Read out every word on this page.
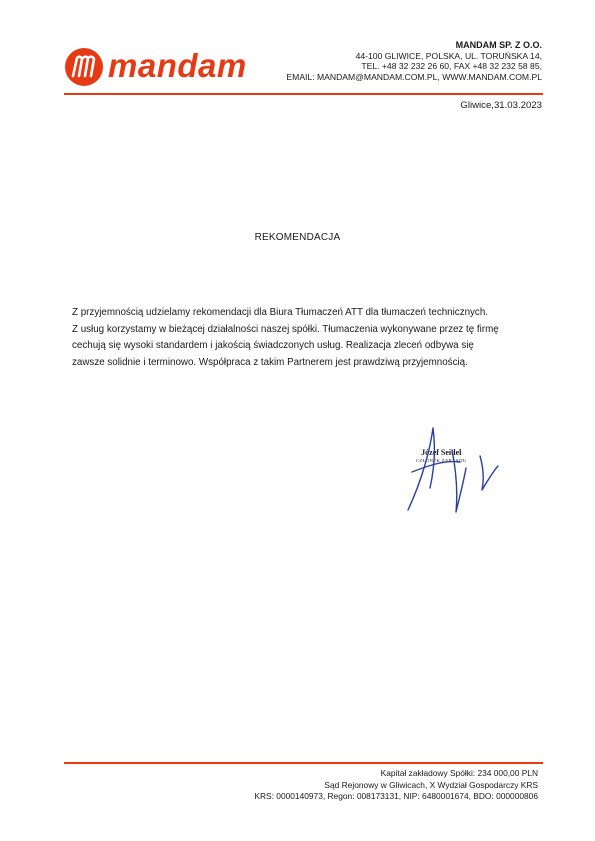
mandam
MANDAM SP. Z O.O.
44-100 GLIWICE, POLSKA, UL. TORUŃSKA 14,
TEL. +48 32 232 26 60, FAX +48 32 232 58 85,
EMAIL: MANDAM@MANDAM.COM.PL, WWW.MANDAM.COM.PL
Gliwice,31.03.2023
REKOMENDACJA

Z przyjemnością udzielamy rekomendacji dla Biura Tłumaczeń ATT dla tłumaczeń technicznych.

Z usług korzystamy w bieżącej działalności naszej spółki. Tłumaczenia wykonywane przez tę firmę

cechują się wysoki standardem i jakością świadczonych usług. Realizacja zleceń odbywa się

zawsze solidnie i terminowo. Współpraca z takim Partnerem jest prawdziwą przyjemnością.

Józef Seidel
CZŁONEK ZARZĄDU
Kapitał zakładowy Spółki: 234 000,00 PLN
Sąd Rejonowy w Gliwicach, X Wydział Gospodarczy KRS
KRS: 0000140973, Regon: 008173131, NIP: 6480001674, BDO: 000000806
